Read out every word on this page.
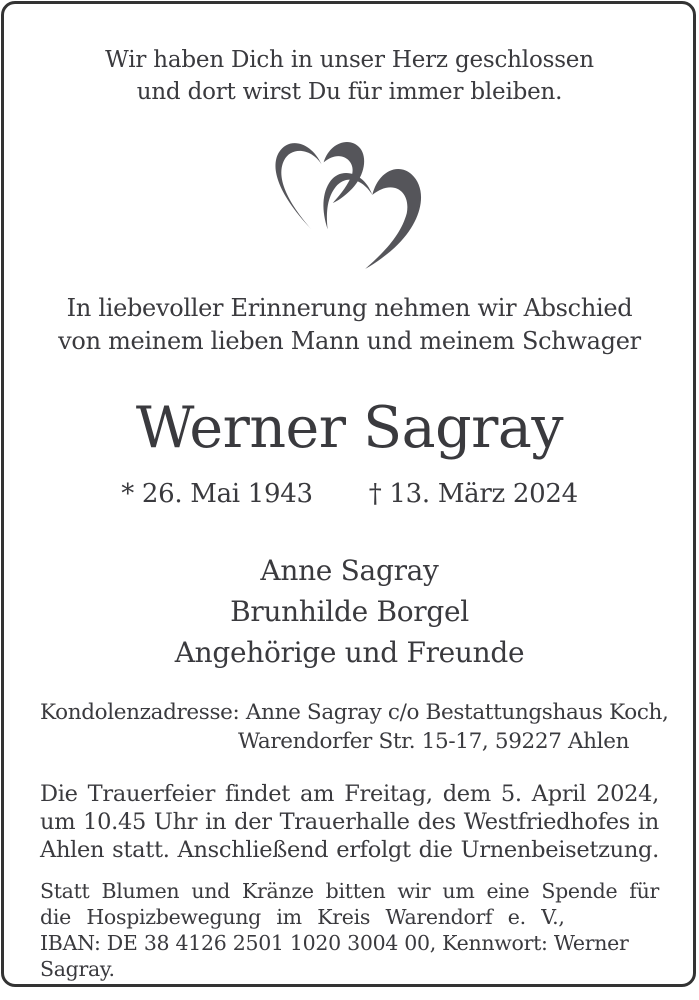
Wir haben Dich in unser Herz geschlossen
und dort wirst Du für immer bleiben.
In liebevoller Erinnerung nehmen wir Abschied
von meinem lieben Mann und meinem Schwager
Werner Sagray
* 26. Mai 1943 † 13. März 2024
Anne Sagray
Brunhilde Borgel
Angehörige und Freunde
Kondolenzadresse: Anne Sagray c/o Bestattungshaus Koch,
Warendorfer Str. 15-17, 59227 Ahlen
Die Trauerfeier findet am Freitag, dem 5. April 2024,
um 10.45 Uhr in der Trauerhalle des Westfriedhofes in
Ahlen statt. Anschließend erfolgt die Urnenbeisetzung.
Statt Blumen und Kränze bitten wir um eine Spende für
die Hospizbewegung im Kreis Warendorf e. V.,
IBAN: DE 38 4126 2501 1020 3004 00, Kennwort: Werner Sagray.
